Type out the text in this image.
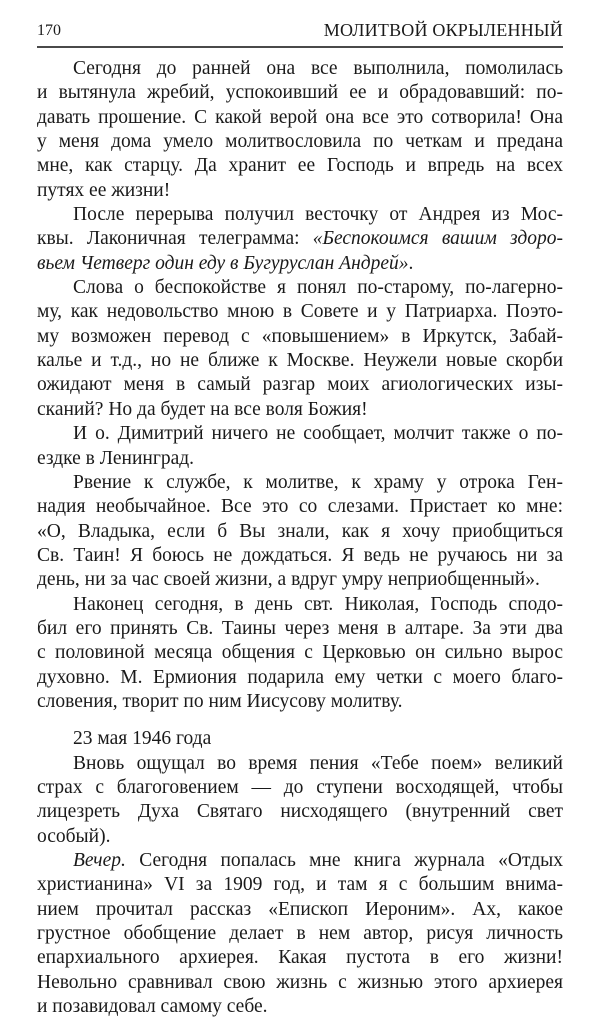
170	МОЛИТВОЙ ОКРЫЛЕННЫЙ
Сегодня до ранней она все выполнила, помолилась
и вытянула жребий, успокоивший ее и обрадовавший: по-
давать прошение. С какой верой она все это сотворила! Она
у меня дома умело молитвословила по четкам и предана
мне, как старцу. Да хранит ее Господь и впредь на всех
путях ее жизни!
После перерыва получил весточку от Андрея из Мос-
квы. Лаконичная телеграмма: «Беспокоимся вашим здоро-
вьем Четверг один еду в Бугуруслан Андрей».
Слова о беспокойстве я понял по-старому, по-лагерно-
му, как недовольство мною в Совете и у Патриарха. Поэто-
му возможен перевод с «повышением» в Иркутск, Забай-
калье и т.д., но не ближе к Москве. Неужели новые скорби
ожидают меня в самый разгар моих агиологических изы-
сканий? Но да будет на все воля Божия!
И о. Димитрий ничего не сообщает, молчит также о по-
ездке в Ленинград.
Рвение к службе, к молитве, к храму у отрока Ген-
надия необычайное. Все это со слезами. Пристает ко мне:
«О, Владыка, если б Вы знали, как я хочу приобщиться
Св. Таин! Я боюсь не дождаться. Я ведь не ручаюсь ни за
день, ни за час своей жизни, а вдруг умру неприобщенный».
Наконец сегодня, в день свт. Николая, Господь сподо-
бил его принять Св. Таины через меня в алтаре. За эти два
с половиной месяца общения с Церковью он сильно вырос
духовно. М. Ермиония подарила ему четки с моего благо-
словения, творит по ним Иисусову молитву.
23 мая 1946 года
Вновь ощущал во время пения «Тебе поем» великий
страх с благоговением — до ступени восходящей, чтобы
лицезреть Духа Святаго нисходящего (внутренний свет
особый).
Вечер. Сегодня попалась мне книга журнала «Отдых
христианина» VI за 1909 год, и там я с большим внима-
нием прочитал рассказ «Епископ Иероним». Ах, какое
грустное обобщение делает в нем автор, рисуя личность
епархиального архиерея. Какая пустота в его жизни!
Невольно сравнивал свою жизнь с жизнью этого архиерея
и позавидовал самому себе.
